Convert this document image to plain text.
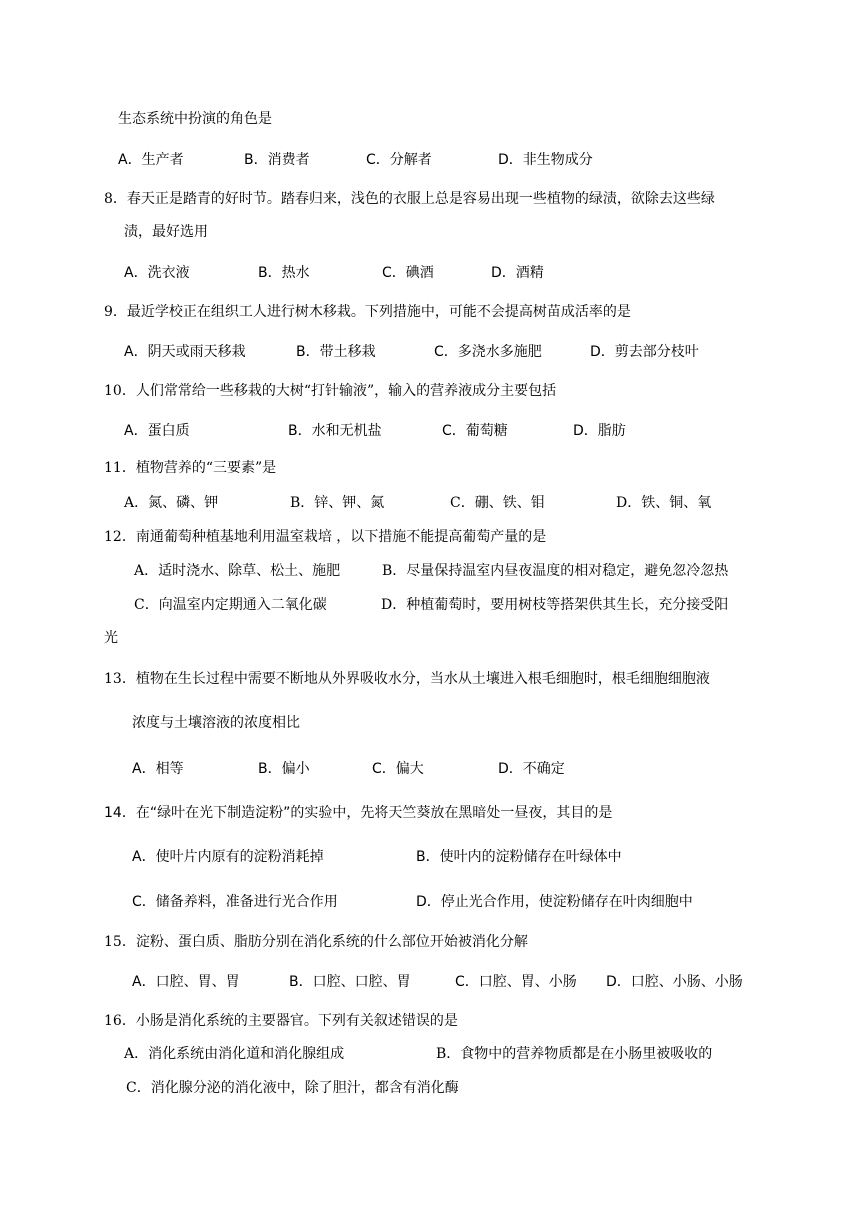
生态系统中扮演的角色是
A．生产者	B．消费者	C．分解者	D．非生物成分
8．春天正是踏青的好时节。踏春归来，浅色的衣服上总是容易出现一些植物的绿渍，欲除去这些绿
渍，最好选用
A．洗衣液	B．热水	C．碘酒	D．酒精
9．最近学校正在组织工人进行树木移栽。下列措施中，可能不会提高树苗成活率的是
A．阴天或雨天移栽	B．带土移栽	C．多浇水多施肥	D．剪去部分枝叶
10．人们常常给一些移栽的大树“打针输液”，输入的营养液成分主要包括
A．蛋白质	B．水和无机盐	C．葡萄糖	D．脂肪
11．植物营养的“三要素”是
A．氮、磷、钾	B．锌、钾、氮	C．硼、铁、钼	D．铁、铜、氧
12．南通葡萄种植基地利用温室栽培 ，以下措施不能提高葡萄产量的是
A．适时浇水、除草、松土、施肥	B．尽量保持温室内昼夜温度的相对稳定，避免忽冷忽热
C．向温室内定期通入二氧化碳	D．种植葡萄时，要用树枝等搭架供其生长，充分接受阳
光
13．植物在生长过程中需要不断地从外界吸收水分，当水从土壤进入根毛细胞时，根毛细胞细胞液
浓度与土壤溶液的浓度相比
A．相等	B．偏小	C．偏大	D．不确定
14．在“绿叶在光下制造淀粉”的实验中，先将天竺葵放在黑暗处一昼夜，其目的是
A．使叶片内原有的淀粉消耗掉	B．使叶内的淀粉储存在叶绿体中
C．储备养料，准备进行光合作用	D．停止光合作用，使淀粉储存在叶肉细胞中
15．淀粉、蛋白质、脂肪分别在消化系统的什么部位开始被消化分解
A．口腔、胃、胃	B．口腔、口腔、胃	C．口腔、胃、小肠 D．口腔、小肠、小肠
16．小肠是消化系统的主要器官。下列有关叙述错误的是
A．消化系统由消化道和消化腺组成	B．食物中的营养物质都是在小肠里被吸收的
C．消化腺分泌的消化液中，除了胆汁，都含有消化酶
